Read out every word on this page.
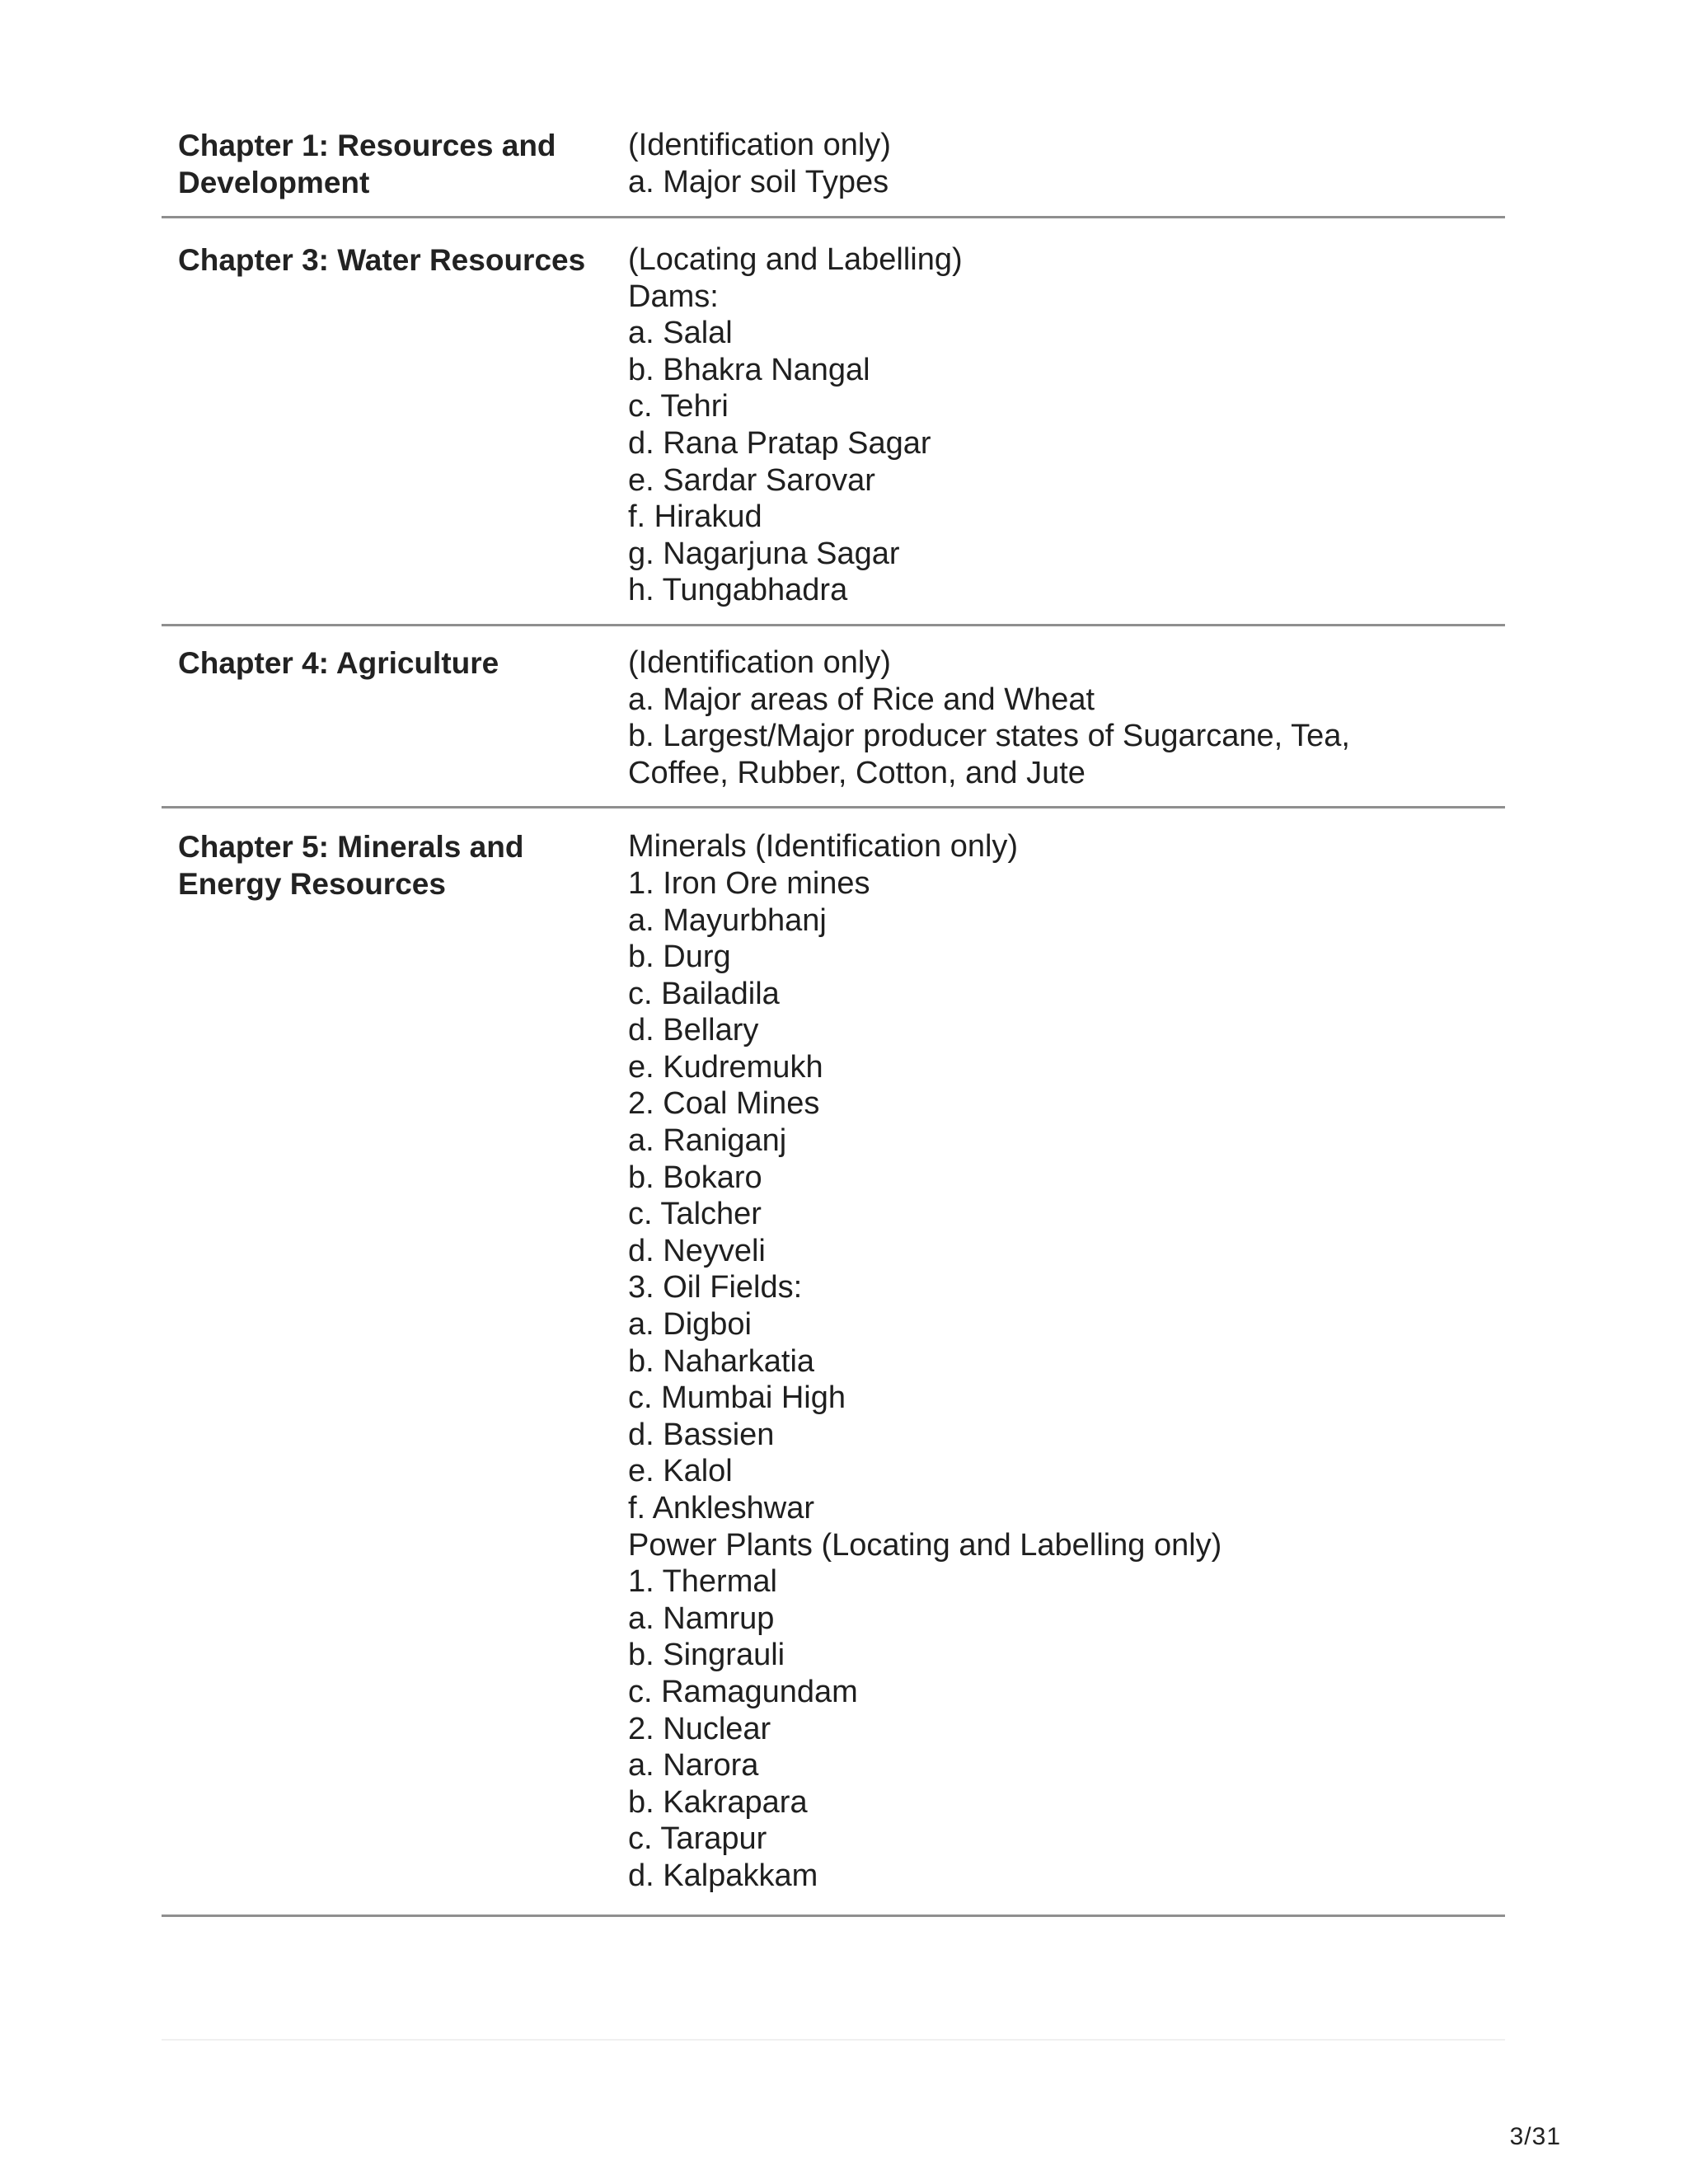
Chapter 1: Resources and
Development
(Identification only)
a. Major soil Types
Chapter 3: Water Resources	(Locating and Labelling)
Dams:
a. Salal
b. Bhakra Nangal
c. Tehri
d. Rana Pratap Sagar
e. Sardar Sarovar
f. Hirakud
g. Nagarjuna Sagar
h. Tungabhadra
Chapter 4: Agriculture	(Identification only)
a. Major areas of Rice and Wheat
b. Largest/Major producer states of Sugarcane, Tea,
Coffee, Rubber, Cotton, and Jute
Chapter 5: Minerals and
Energy Resources
Minerals (Identification only)
1. Iron Ore mines
a. Mayurbhanj
b. Durg
c. Bailadila
d. Bellary
e. Kudremukh
2. Coal Mines
a. Raniganj
b. Bokaro
c. Talcher
d. Neyveli
3. Oil Fields:
a. Digboi
b. Naharkatia
c. Mumbai High
d. Bassien
e. Kalol
f. Ankleshwar
Power Plants (Locating and Labelling only)
1. Thermal
a. Namrup
b. Singrauli
c. Ramagundam
2. Nuclear
a. Narora
b. Kakrapara
c. Tarapur
d. Kalpakkam
3/31
